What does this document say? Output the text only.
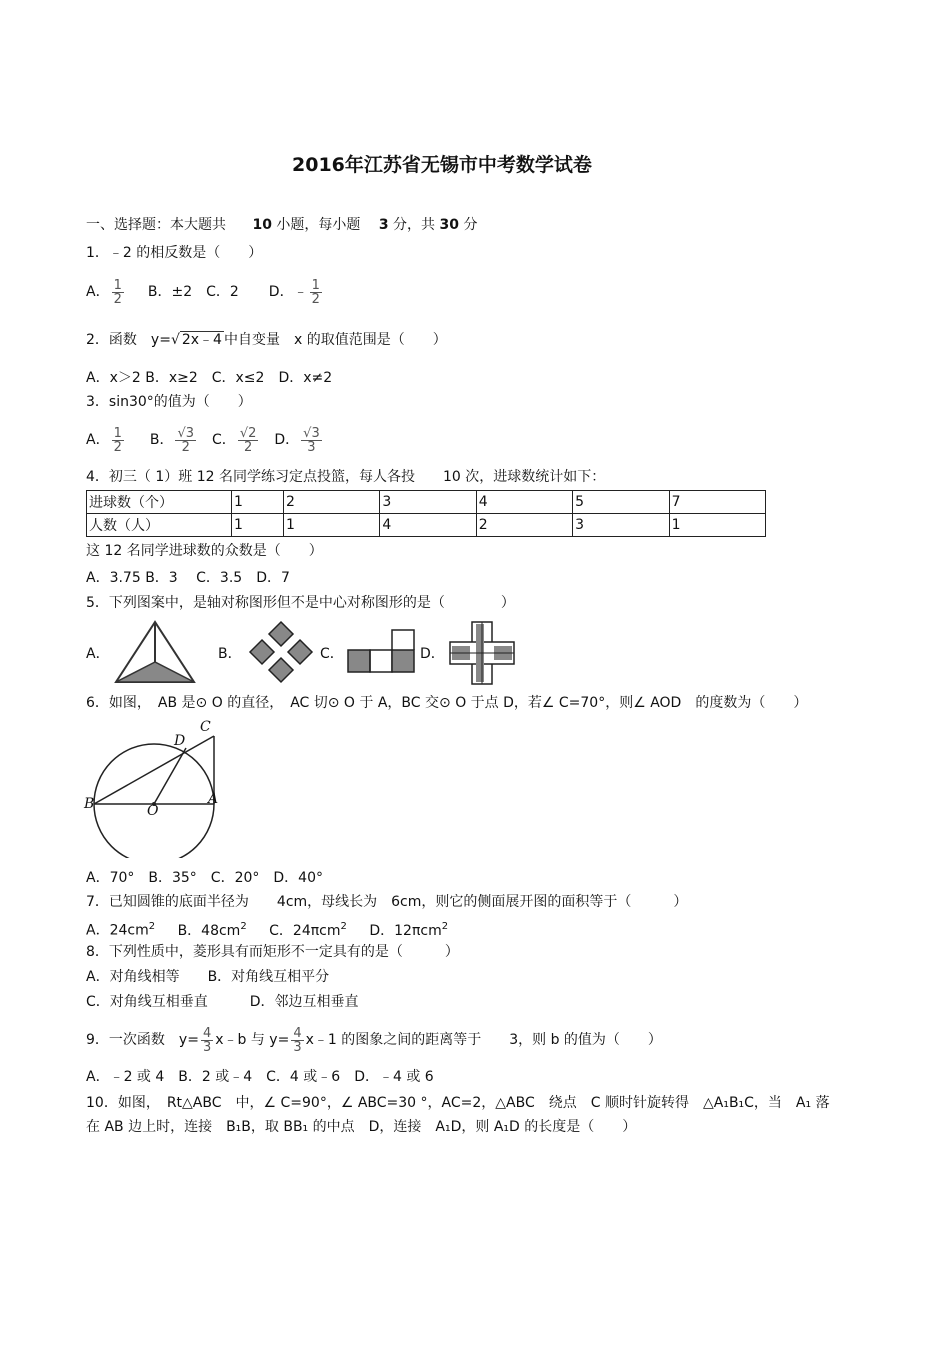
2016年江苏省无锡市中考数学试卷
一、选择题：本大题共 10 小题，每小题 3 分，共 30 分
1．﹣2 的相反数是（　　）
A． $\frac{1}{2}$ B．±2 C．2 D．﹣ $\frac{1}{2}$
2．函数　y=√ 2x﹣4 中自变量　x 的取值范围是（　　）
A．x＞2 B．x≥2　C．x≤2　D．x≠2
3．sin30°的值为（　　）
A． $\frac{1}{2}$ B． $\frac{√3}{2}$ C． $\frac{√2}{2}$ D． $\frac{√3}{3}$
4．初三（ 1）班 12 名同学练习定点投篮，每人各投　　10 次，进球数统计如下：
进球数（个）	1	2	3	4	5	7
人数（人）	1	1	4	2	3	1
这 12 名同学进球数的众数是（　　）
A．3.75 B．3　 C．3.5　D．7
5．下列图案中，是轴对称图形但不是中心对称图形的是（　　　　）
A．	B．	C．	D．
6．如图，　AB 是⊙ O 的直径，　AC 切⊙ O 于 A，BC 交⊙ O 于点 D，若∠ C=70°，则∠ AOD　的度数为（　　）
C
D
B	O
A
A．70°　B．35°　C．20°　D．40°
7．已知圆锥的底面半径为　　4cm，母线长为　6cm，则它的侧面展开图的面积等于（　　　）
A．$24cm^2$ B．$48cm^2$ C．24πcm$^2$ D．12πcm$^2$
8．下列性质中，菱形具有而矩形不一定具有的是（　　　）
A．对角线相等　　B．对角线互相平分
C．对角线互相垂直　　　D．邻边互相垂直
9．一次函数　$y= \frac{4}{3}$ x﹣b 与 $y= \frac{4}{3}$ x﹣1 的图象之间的距离等于　　3，则 b 的值为（　　）
A．﹣2 或 4　B．2 或﹣4　C．4 或﹣6　D．﹣4 或 6
10．如图，　Rt△ABC　中，∠ C=90°，∠ ABC=30 °，AC=2，△ABC　绕点　C 顺时针旋转得　△A₁B₁C，当　A₁ 落
在 AB 边上时，连接　B₁B，取 BB₁ 的中点　D，连接　A₁D，则 A₁D 的长度是（　　）
